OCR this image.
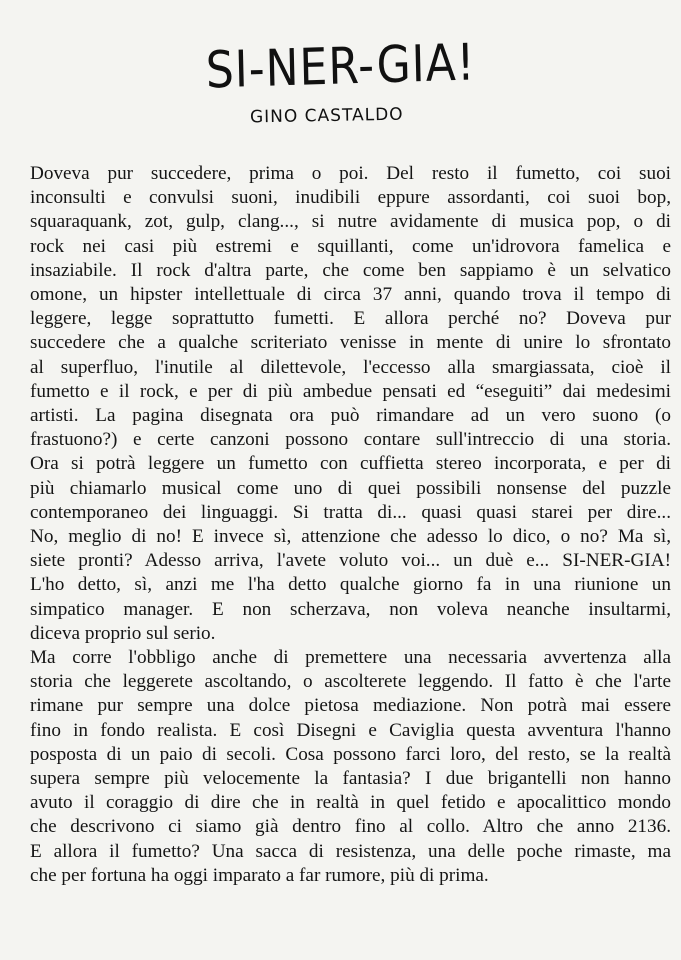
SI-NER-GIA!
GINO CASTALDO
Doveva pur succedere, prima o poi. Del resto il fumetto, coi suoi
inconsulti e convulsi suoni, inudibili eppure assordanti, coi suoi bop,
squaraquank, zot, gulp, clang..., si nutre avidamente di musica pop, o di
rock nei casi più estremi e squillanti, come un'idrovora famelica e
insaziabile. Il rock d'altra parte, che come ben sappiamo è un selvatico
omone, un hipster intellettuale di circa 37 anni, quando trova il tempo di
leggere, legge soprattutto fumetti. E allora perché no? Doveva pur
succedere che a qualche scriteriato venisse in mente di unire lo sfrontato
al superfluo, l'inutile al dilettevole, l'eccesso alla smargiassata, cioè il
fumetto e il rock, e per di più ambedue pensati ed “eseguiti” dai medesimi
artisti. La pagina disegnata ora può rimandare ad un vero suono (o
frastuono?) e certe canzoni possono contare sull'intreccio di una storia.
Ora si potrà leggere un fumetto con cuffietta stereo incorporata, e per di
più chiamarlo musical come uno di quei possibili nonsense del puzzle
contemporaneo dei linguaggi. Si tratta di... quasi quasi starei per dire...
No, meglio di no! E invece sì, attenzione che adesso lo dico, o no? Ma sì,
siete pronti? Adesso arriva, l'avete voluto voi... un duè e... SI-NER-GIA!
L'ho detto, sì, anzi me l'ha detto qualche giorno fa in una riunione un
simpatico manager. E non scherzava, non voleva neanche insultarmi,
diceva proprio sul serio.
Ma corre l'obbligo anche di premettere una necessaria avvertenza alla
storia che leggerete ascoltando, o ascolterete leggendo. Il fatto è che l'arte
rimane pur sempre una dolce pietosa mediazione. Non potrà mai essere
fino in fondo realista. E così Disegni e Caviglia questa avventura l'hanno
posposta di un paio di secoli. Cosa possono farci loro, del resto, se la realtà
supera sempre più velocemente la fantasia? I due brigantelli non hanno
avuto il coraggio di dire che in realtà in quel fetido e apocalittico mondo
che descrivono ci siamo già dentro fino al collo. Altro che anno 2136.
E allora il fumetto? Una sacca di resistenza, una delle poche rimaste, ma
che per fortuna ha oggi imparato a far rumore, più di prima.
